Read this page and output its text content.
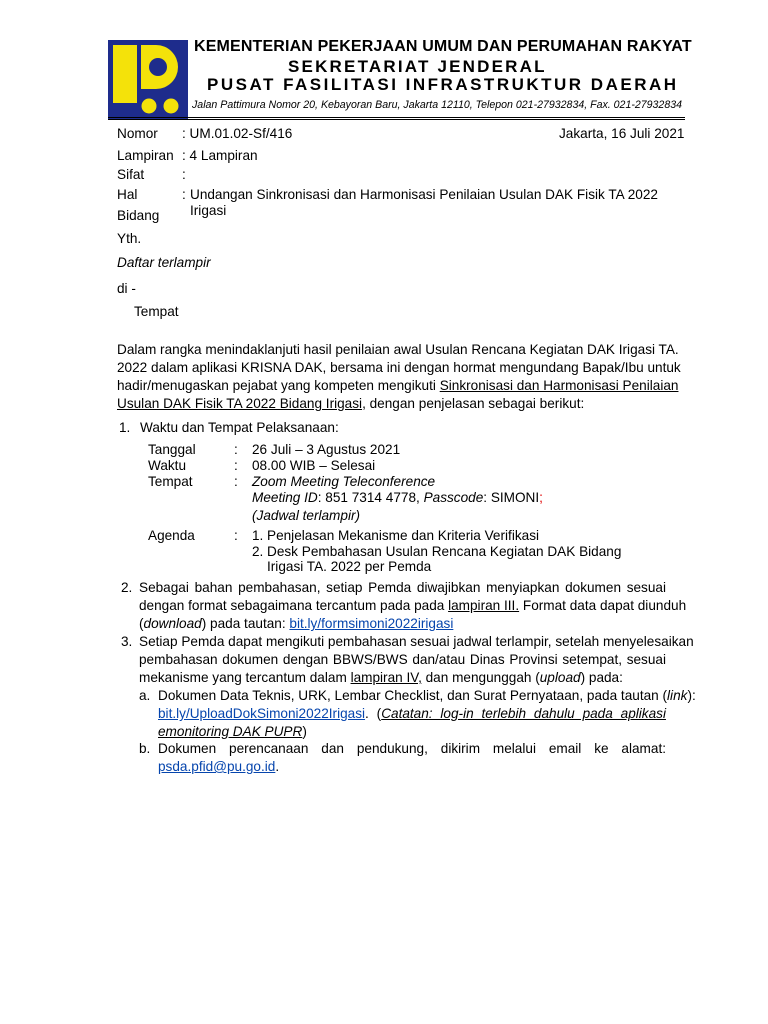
KEMENTERIAN PEKERJAAN UMUM DAN PERUMAHAN RAKYAT
SEKRETARIAT JENDERAL
PUSAT FASILITASI INFRASTRUKTUR DAERAH
Jalan Pattimura Nomor 20, Kebayoran Baru, Jakarta 12110, Telepon 021-27932834, Fax. 021-27932834
Nomor : UM.01.02-Sf/416	Jakarta, 16 Juli 2021
Lampiran : 4 Lampiran
Sifat	:
Hal	: Undangan Sinkronisasi dan Harmonisasi Penilaian Usulan DAK Fisik TA 2022
Bidang Irigasi
Yth.
Daftar terlampir
di -
Tempat
Dalam rangka menindaklanjuti hasil penilaian awal Usulan Rencana Kegiatan DAK Irigasi TA.
2022 dalam aplikasi KRISNA DAK, bersama ini dengan hormat mengundang Bapak/Ibu untuk
hadir/menugaskan pejabat yang kompeten mengikuti Sinkronisasi dan Harmonisasi Penilaian
Usulan DAK Fisik TA 2022 Bidang Irigasi, dengan penjelasan sebagai berikut:
1. Waktu dan Tempat Pelaksanaan:
Tanggal	: 26 Juli – 3 Agustus 2021
Waktu	: 08.00 WIB – Selesai
Tempat	: Zoom Meeting Teleconference
Meeting ID: 851 7314 4778, Passcode: SIMONI;
(Jadwal terlampir)
Agenda	: 1. Penjelasan Mekanisme dan Kriteria Verifikasi
2. Desk Pembahasan Usulan Rencana Kegiatan DAK Bidang
Irigasi TA. 2022 per Pemda
2. Sebagai bahan pembahasan, setiap Pemda diwajibkan menyiapkan dokumen sesuai
dengan format sebagaimana tercantum pada pada lampiran III. Format data dapat diunduh
(download) pada tautan: bit.ly/formsimoni2022irigasi
3. Setiap Pemda dapat mengikuti pembahasan sesuai jadwal terlampir, setelah menyelesaikan
pembahasan dokumen dengan BBWS/BWS dan/atau Dinas Provinsi setempat, sesuai
mekanisme yang tercantum dalam lampiran IV, dan mengunggah (upload) pada:
a. Dokumen Data Teknis, URK, Lembar Checklist, dan Surat Pernyataan, pada tautan (link):
bit.ly/UploadDokSimoni2022Irigasi. (Catatan: log-in terlebih dahulu pada aplikasi
emonitoring DAK PUPR)
b. Dokumen perencanaan dan pendukung, dikirim melalui email ke alamat:
psda.pfid@pu.go.id.
